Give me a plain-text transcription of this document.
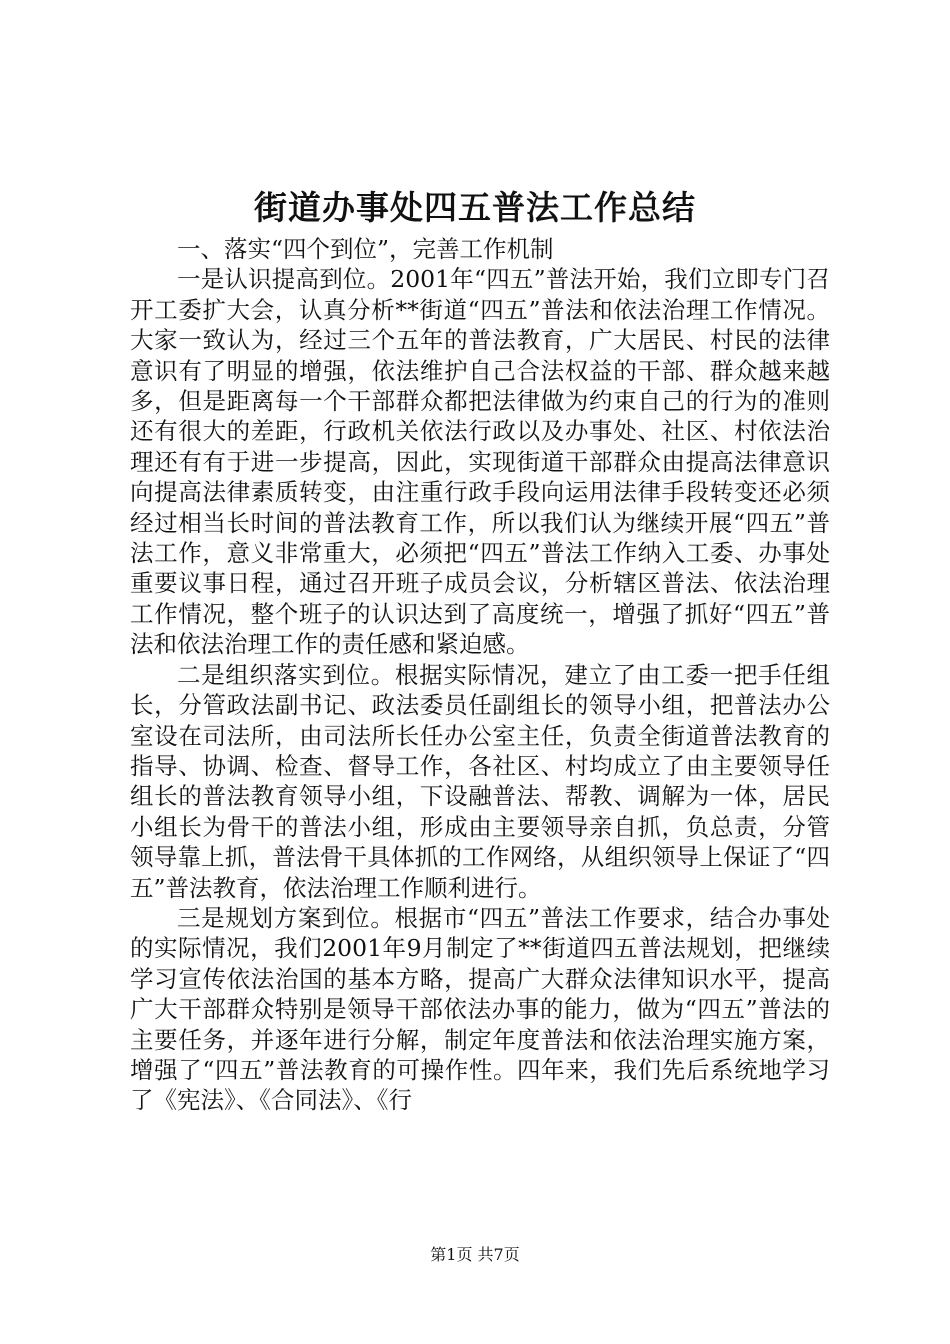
街道办事处四五普法工作总结

一、落实“四个到位”，完善工作机制

一是认识提高到位。2001年“四五”普法开始，我们立即专门召开工委扩大会，认真分析**街道“四五”普法和依法治理工作情况。大家一致认为，经过三个五年的普法教育，广大居民、村民的法律意识有了明显的增强，依法维护自己合法权益的干部、群众越来越多，但是距离每一个干部群众都把法律做为约束自己的行为的准则还有很大的差距，行政机关依法行政以及办事处、社区、村依法治理还有有于进一步提高，因此，实现街道干部群众由提高法律意识向提高法律素质转变，由注重行政手段向运用法律手段转变还必须经过相当长时间的普法教育工作，所以我们认为继续开展“四五”普法工作，意义非常重大，必须把“四五”普法工作纳入工委、办事处重要议事日程，通过召开班子成员会议，分析辖区普法、依法治理工作情况，整个班子的认识达到了高度统一，增强了抓好“四五”普法和依法治理工作的责任感和紧迫感。

二是组织落实到位。根据实际情况，建立了由工委一把手任组长，分管政法副书记、政法委员任副组长的领导小组，把普法办公室设在司法所，由司法所长任办公室主任，负责全街道普法教育的指导、协调、检查、督导工作，各社区、村均成立了由主要领导任组长的普法教育领导小组，下设融普法、帮教、调解为一体，居民小组长为骨干的普法小组，形成由主要领导亲自抓，负总责，分管领导靠上抓，普法骨干具体抓的工作网络，从组织领导上保证了“四五”普法教育，依法治理工作顺利进行。

三是规划方案到位。根据市“四五”普法工作要求，结合办事处的实际情况，我们2001年9月制定了**街道四五普法规划，把继续学习宣传依法治国的基本方略，提高广大群众法律知识水平，提高广大干部群众特别是领导干部依法办事的能力，做为“四五”普法的主要任务，并逐年进行分解，制定年度普法和依法治理实施方案，增强了“四五”普法教育的可操作性。四年来，我们先后系统地学习了《宪法》、《合同法》、《行

第1页 共7页
